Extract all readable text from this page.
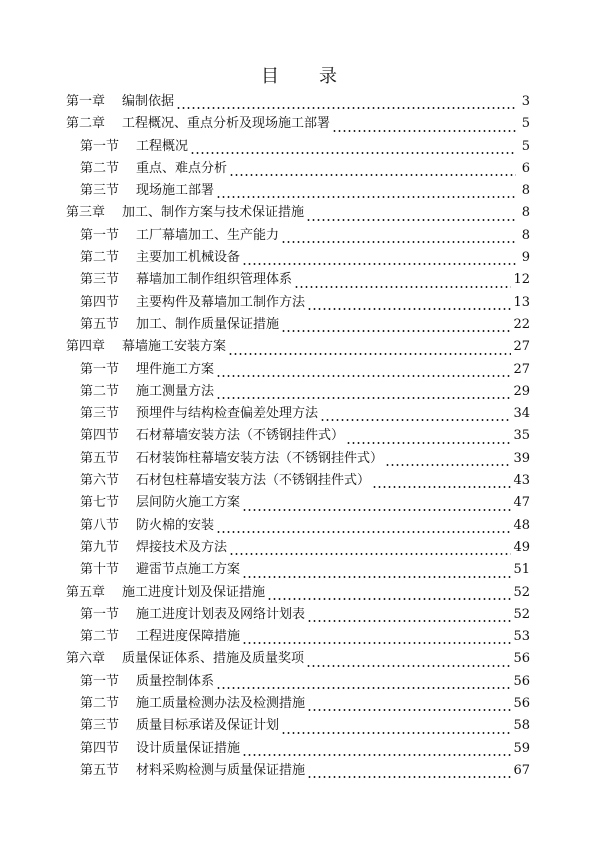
目 录
第一章	编制依据	3
第二章	工程概况、重点分析及现场施工部署	5
第一节	工程概况	5
第二节	重点、难点分析	6
第三节	现场施工部署	8
第三章	加工、制作方案与技术保证措施	8
第一节	工厂幕墙加工、生产能力	8
第二节	主要加工机械设备	9
第三节	幕墙加工制作组织管理体系	12
第四节	主要构件及幕墙加工制作方法	13
第五节	加工、制作质量保证措施	22
第四章	幕墙施工安装方案	27
第一节	埋件施工方案	27
第二节	施工测量方法	29
第三节	预埋件与结构检查偏差处理方法	34
第四节	石材幕墙安装方法（不锈钢挂件式）	35
第五节	石材装饰柱幕墙安装方法（不锈钢挂件式）	39
第六节	石材包柱幕墙安装方法（不锈钢挂件式）	43
第七节	层间防火施工方案	47
第八节	防火棉的安装	48
第九节	焊接技术及方法	49
第十节	避雷节点施工方案	51
第五章	施工进度计划及保证措施	52
第一节	施工进度计划表及网络计划表	52
第二节	工程进度保障措施	53
第六章	质量保证体系、措施及质量奖项	56
第一节	质量控制体系	56
第二节	施工质量检测办法及检测措施	56
第三节	质量目标承诺及保证计划	58
第四节	设计质量保证措施	59
第五节	材料采购检测与质量保证措施	67
